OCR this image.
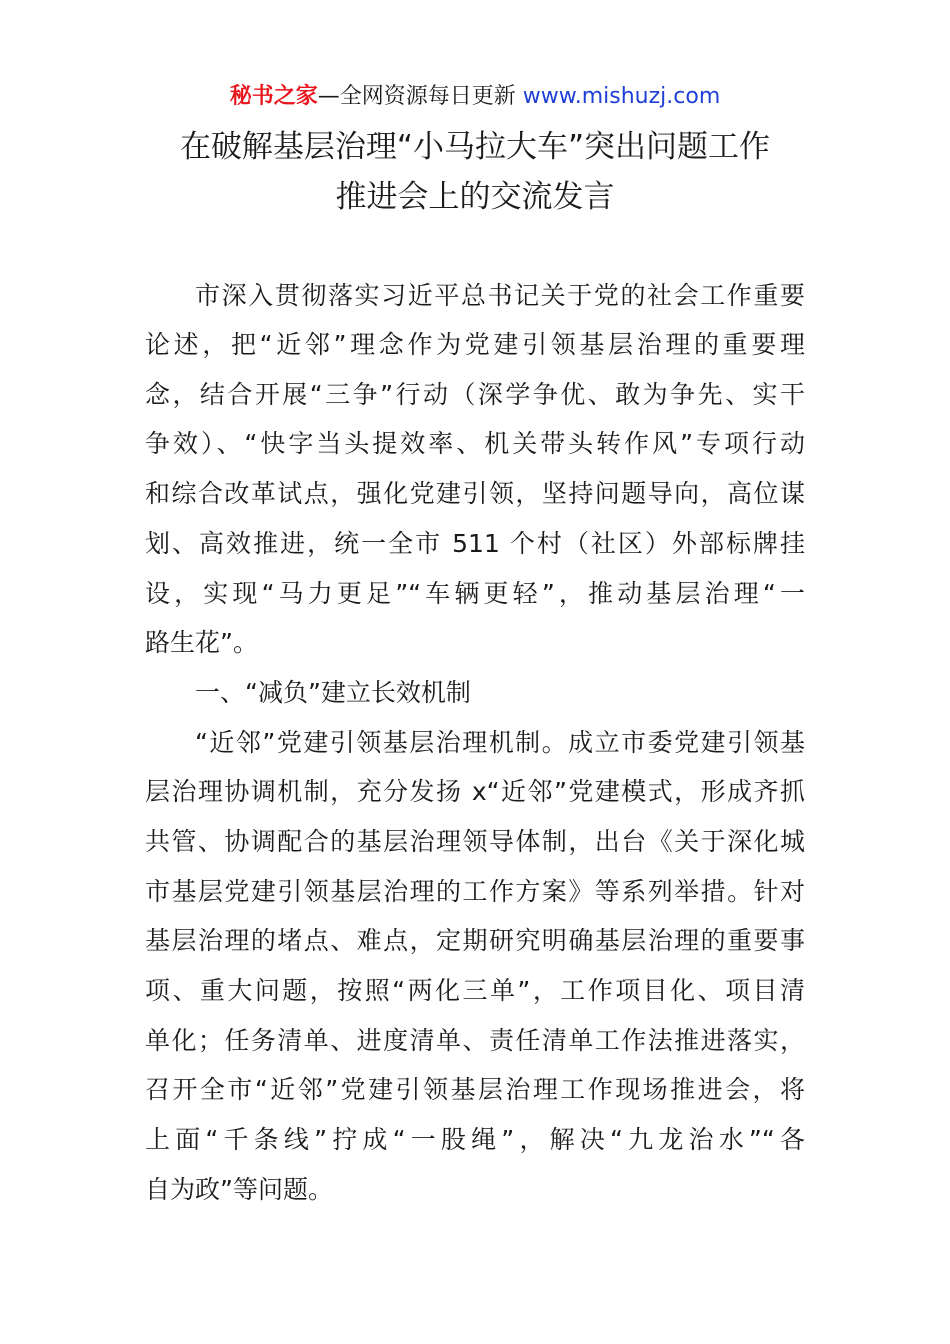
秘书之家—全网资源每日更新 www.mishuzj.com
在破解基层治理“小马拉大车”突出问题工作
推进会上的交流发言
市深入贯彻落实习近平总书记关于党的社会工作重要
论述，把“近邻”理念作为党建引领基层治理的重要理
念，结合开展“三争”行动（深学争优、敢为争先、实干
争效）、“快字当头提效率、机关带头转作风”专项行动
和综合改革试点，强化党建引领，坚持问题导向，高位谋
划、高效推进，统一全市 511 个村（社区）外部标牌挂
设，实现“马力更足”“车辆更轻”，推动基层治理“一
路生花”。
一、“减负”建立长效机制
“近邻”党建引领基层治理机制。成立市委党建引领基
层治理协调机制，充分发扬 x“近邻”党建模式，形成齐抓
共管、协调配合的基层治理领导体制，出台《关于深化城
市基层党建引领基层治理的工作方案》等系列举措。针对
基层治理的堵点、难点，定期研究明确基层治理的重要事
项、重大问题，按照“两化三单”，工作项目化、项目清
单化；任务清单、进度清单、责任清单工作法推进落实，
召开全市“近邻”党建引领基层治理工作现场推进会，将
上面“千条线”拧成“一股绳”，解决“九龙治水”“各
自为政”等问题。
